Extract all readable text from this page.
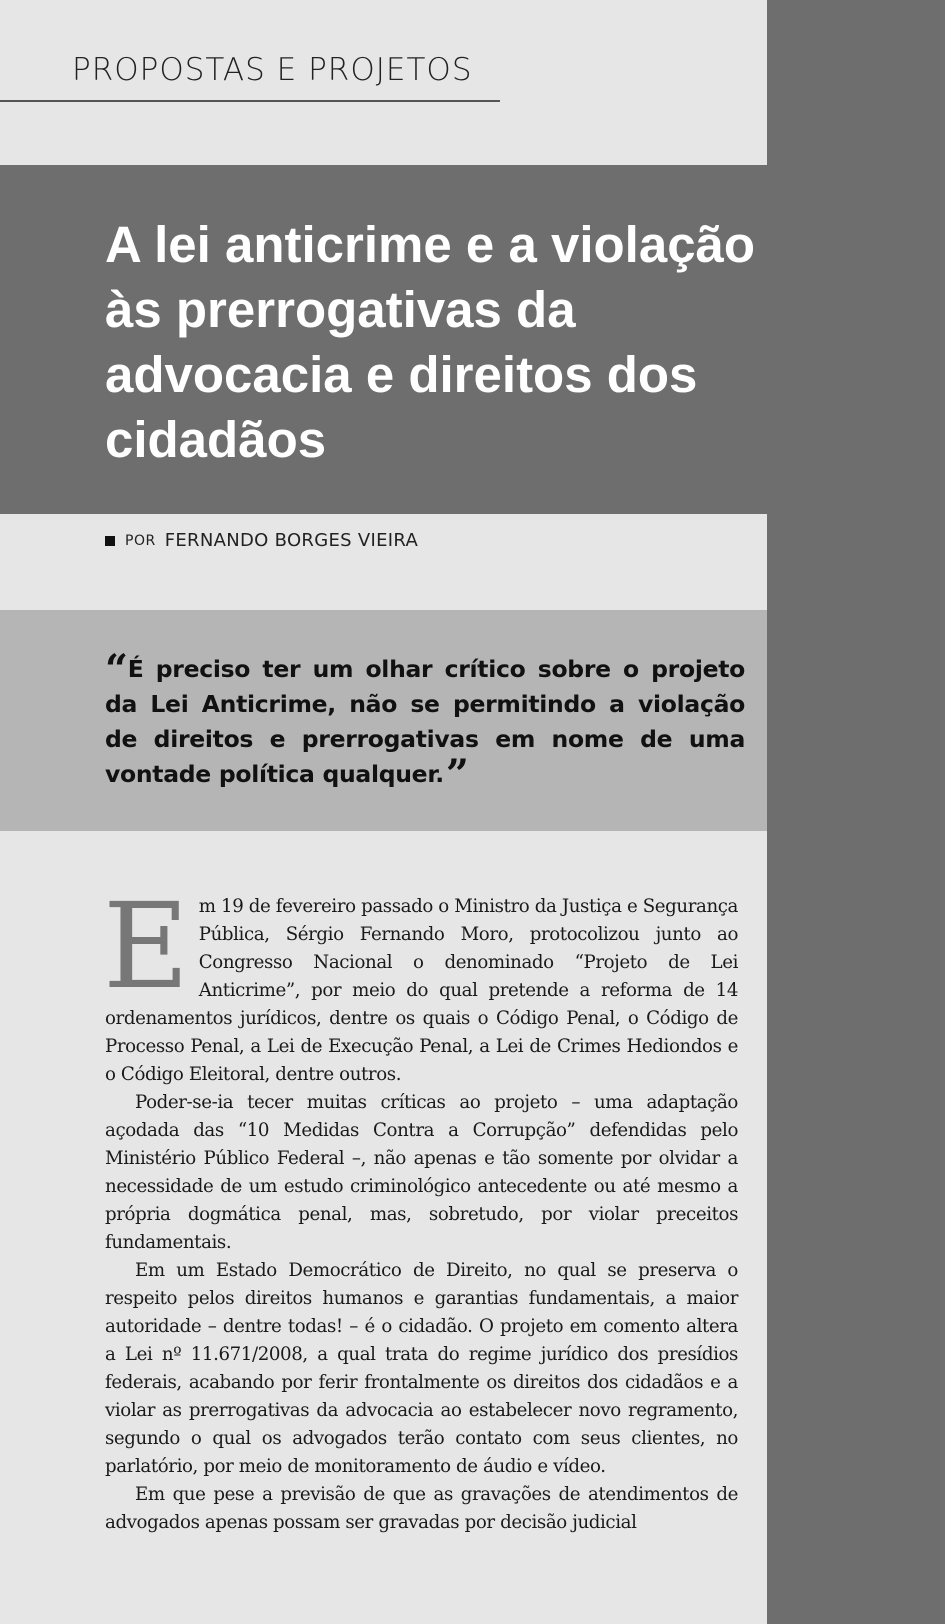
PROPOSTAS E PROJETOS
A lei anticrime e a violação às prerrogativas da advocacia e direitos dos cidadãos
POR FERNANDO BORGES VIEIRA

“É preciso ter um olhar crítico sobre o projeto da Lei Anticrime, não se permitindo a violação de direitos e prerrogativas em nome de uma vontade política qualquer.”

Em 19 de fevereiro passado o Ministro da Justiça e Segurança Pública, Sérgio Fernando Moro, protocolizou junto ao Congresso Nacional o denominado “Projeto de Lei Anticrime”, por meio do qual pretende a reforma de 14 ordenamentos jurídicos, dentre os quais o Código Penal, o Código de Processo Penal, a Lei de Execução Penal, a Lei de Crimes Hediondos e o Código Eleitoral, dentre outros.

Poder-se-ia tecer muitas críticas ao projeto – uma adaptação açodada das “10 Medidas Contra a Corrupção” defendidas pelo Ministério Público Federal –, não apenas e tão somente por olvidar a necessidade de um estudo criminológico antecedente ou até mesmo a própria dogmática penal, mas, sobretudo, por violar preceitos fundamentais.

Em um Estado Democrático de Direito, no qual se preserva o respeito pelos direitos humanos e garantias fundamentais, a maior autoridade – dentre todas! – é o cidadão. O projeto em comento altera a Lei nº 11.671/2008, a qual trata do regime jurídico dos presídios federais, acabando por ferir frontalmente os direitos dos cidadãos e a violar as prerrogativas da advocacia ao estabelecer novo regramento, segundo o qual os advogados terão contato com seus clientes, no parlatório, por meio de monitoramento de áudio e vídeo.

Em que pese a previsão de que as gravações de atendimentos de advogados apenas possam ser gravadas por decisão judicial
